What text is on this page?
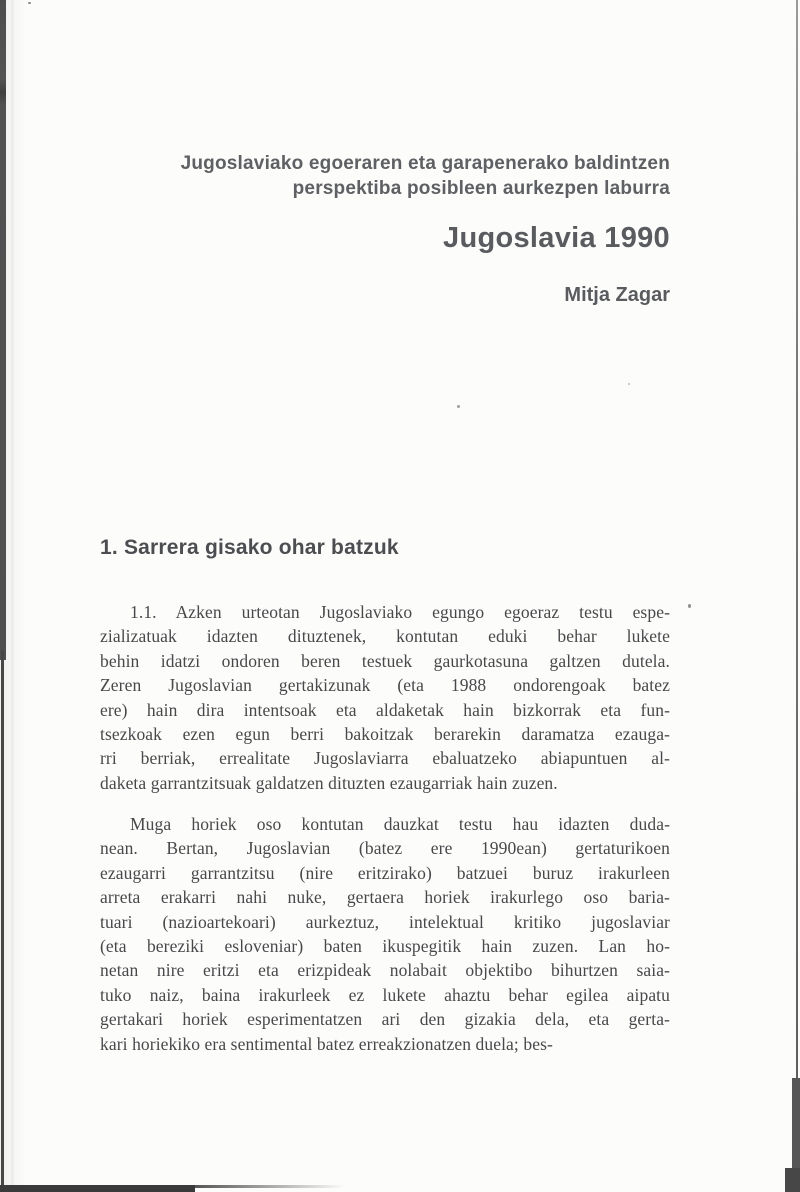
Jugoslaviako egoeraren eta garapenerako baldintzen
perspektiba posibleen aurkezpen laburra
Jugoslavia 1990
Mitja Zagar
1. Sarrera gisako ohar batzuk
1.1. Azken urteotan Jugoslaviako egungo egoeraz testu espe-
zializatuak idazten dituztenek, kontutan eduki behar lukete
behin idatzi ondoren beren testuek gaurkotasuna galtzen dutela.
Zeren Jugoslavian gertakizunak (eta 1988 ondorengoak batez
ere) hain dira intentsoak eta aldaketak hain bizkorrak eta fun-
tsezkoak ezen egun berri bakoitzak berarekin daramatza ezauga-
rri berriak, errealitate Jugoslaviarra ebaluatzeko abiapuntuen al-
daketa garrantzitsuak galdatzen dituzten ezaugarriak hain zuzen.
Muga horiek oso kontutan dauzkat testu hau idazten duda-
nean. Bertan, Jugoslavian (batez ere 1990ean) gertaturikoen
ezaugarri garrantzitsu (nire eritzirako) batzuei buruz irakurleen
arreta erakarri nahi nuke, gertaera horiek irakurlego oso baria-
tuari (nazioartekoari) aurkeztuz, intelektual kritiko jugoslaviar
(eta bereziki esloveniar) baten ikuspegitik hain zuzen. Lan ho-
netan nire eritzi eta erizpideak nolabait objektibo bihurtzen saia-
tuko naiz, baina irakurleek ez lukete ahaztu behar egilea aipatu
gertakari horiek esperimentatzen ari den gizakia dela, eta gerta-
kari horiekiko era sentimental batez erreakzionatzen duela; bes-
